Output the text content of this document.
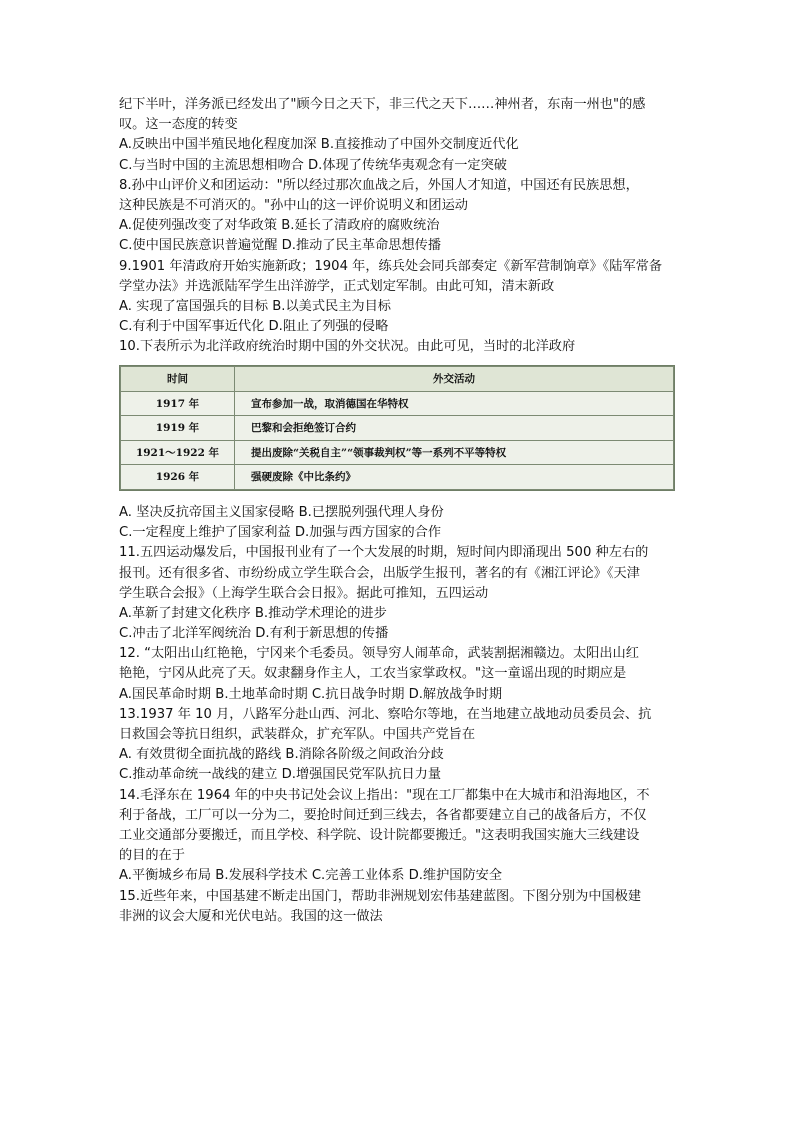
纪下半叶，洋务派已经发出了"顾今日之天下，非三代之天下……神州者，东南一州也"的感
叹。这一态度的转变
A.反映出中国半殖民地化程度加深 B.直接推动了中国外交制度近代化
C.与当时中国的主流思想相吻合 D.体现了传统华夷观念有一定突破
8.孙中山评价义和团运动："所以经过那次血战之后，外国人才知道，中国还有民族思想，
这种民族是不可消灭的。"孙中山的这一评价说明义和团运动
A.促使列强改变了对华政策 B.延长了清政府的腐败统治
C.使中国民族意识普遍觉醒 D.推动了民主革命思想传播
9.1901 年清政府开始实施新政；1904 年，练兵处会同兵部奏定《新军营制饷章》《陆军常备
学堂办法》并选派陆军学生出洋游学，正式划定军制。由此可知，清末新政
A. 实现了富国强兵的目标 B.以美式民主为目标
C.有利于中国军事近代化 D.阻止了列强的侵略
10.下表所示为北洋政府统治时期中国的外交状况。由此可见，当时的北洋政府
时间	外交活动
1917 年	宣布参加一战，取消德国在华特权
1919 年	巴黎和会拒绝签订合约
1921～1922 年	提出废除“关税自主”“领事裁判权”等一系列不平等特权
1926 年	强硬废除《中比条约》
A. 坚决反抗帝国主义国家侵略 B.已摆脱列强代理人身份
C.一定程度上维护了国家利益 D.加强与西方国家的合作
11.五四运动爆发后，中国报刊业有了一个大发展的时期，短时间内即涌现出 500 种左右的
报刊。还有很多省、市纷纷成立学生联合会，出版学生报刊，著名的有《湘江评论》《天津
学生联合会报》（上海学生联合会日报》。据此可推知，五四运动
A.革新了封建文化秩序 B.推动学术理论的进步
C.冲击了北洋军阀统治 D.有利于新思想的传播
12. “太阳出山红艳艳，宁冈来个毛委员。领导穷人闹革命，武装割据湘赣边。太阳出山红
艳艳，宁冈从此亮了天。奴隶翻身作主人，工农当家掌政权。"这一童谣出现的时期应是
A.国民革命时期 B.土地革命时期 C.抗日战争时期 D.解放战争时期
13.1937 年 10 月，八路军分赴山西、河北、察哈尔等地，在当地建立战地动员委员会、抗
日救国会等抗日组织，武装群众，扩充军队。中国共产党旨在
A. 有效贯彻全面抗战的路线 B.消除各阶级之间政治分歧
C.推动革命统一战线的建立 D.增强国民党军队抗日力量
14.毛泽东在 1964 年的中央书记处会议上指出："现在工厂都集中在大城市和沿海地区，不
利于备战，工厂可以一分为二，要抢时间迁到三线去，各省都要建立自己的战备后方，不仅
工业交通部分要搬迁，而且学校、科学院、设计院都要搬迁。"这表明我国实施大三线建设
的目的在于
A.平衡城乡布局 B.发展科学技术 C.完善工业体系 D.维护国防安全
15.近些年来，中国基建不断走出国门，帮助非洲规划宏伟基建蓝图。下图分别为中国极建
非洲的议会大厦和光伏电站。我国的这一做法
